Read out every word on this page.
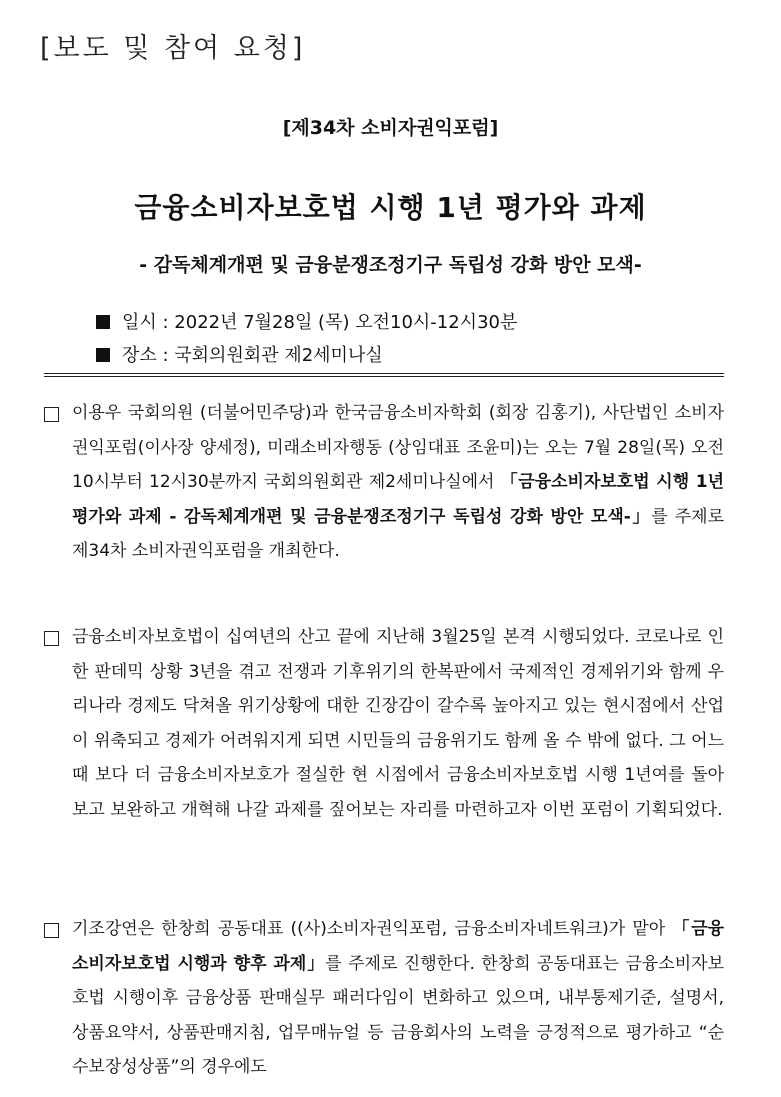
[보도 및 참여 요청]
[제34차 소비자권익포럼]
금융소비자보호법 시행 1년 평가와 과제
- 감독체계개편 및 금융분쟁조정기구 독립성 강화 방안 모색-
일시 : 2022년 7월28일 (목) 오전10시-12시30분
장소 : 국회의원회관 제2세미나실
이용우 국회의원 (더불어민주당)과 한국금융소비자학회 (회장 김홍기), 사단법인 소비자권익포럼(이사장 양세정), 미래소비자행동 (상임대표 조윤미)는 오는 7월 28일(목) 오전 10시부터 12시30분까지 국회의원회관 제2세미나실에서 「금융소비자보호법 시행 1년 평가와 과제 - 감독체계개편 및 금융분쟁조정기구 독립성 강화 방안 모색-」를 주제로 제34차 소비자권익포럼을 개최한다.
금융소비자보호법이 십여년의 산고 끝에 지난해 3월25일 본격 시행되었다. 코로나로 인한 판데믹 상황 3년을 겪고 전쟁과 기후위기의 한복판에서 국제적인 경제위기와 함께 우리나라 경제도 닥쳐올 위기상황에 대한 긴장감이 갈수록 높아지고 있는 현시점에서 산업이 위축되고 경제가 어려워지게 되면 시민들의 금융위기도 함께 올 수 밖에 없다. 그 어느때 보다 더 금융소비자보호가 절실한 현 시점에서 금융소비자보호법 시행 1년여를 돌아보고 보완하고 개혁해 나갈 과제를 짚어보는 자리를 마련하고자 이번 포럼이 기획되었다.
기조강연은 한창희 공동대표 ((사)소비자권익포럼, 금융소비자네트워크)가 맡아 「금융소비자보호법 시행과 향후 과제」를 주제로 진행한다. 한창희 공동대표는 금융소비자보호법 시행이후 금융상품 판매실무 패러다임이 변화하고 있으며, 내부통제기준, 설명서, 상품요약서, 상품판매지침, 업무매뉴얼 등 금융회사의 노력을 긍정적으로 평가하고 “순수보장성상품”의 경우에도
